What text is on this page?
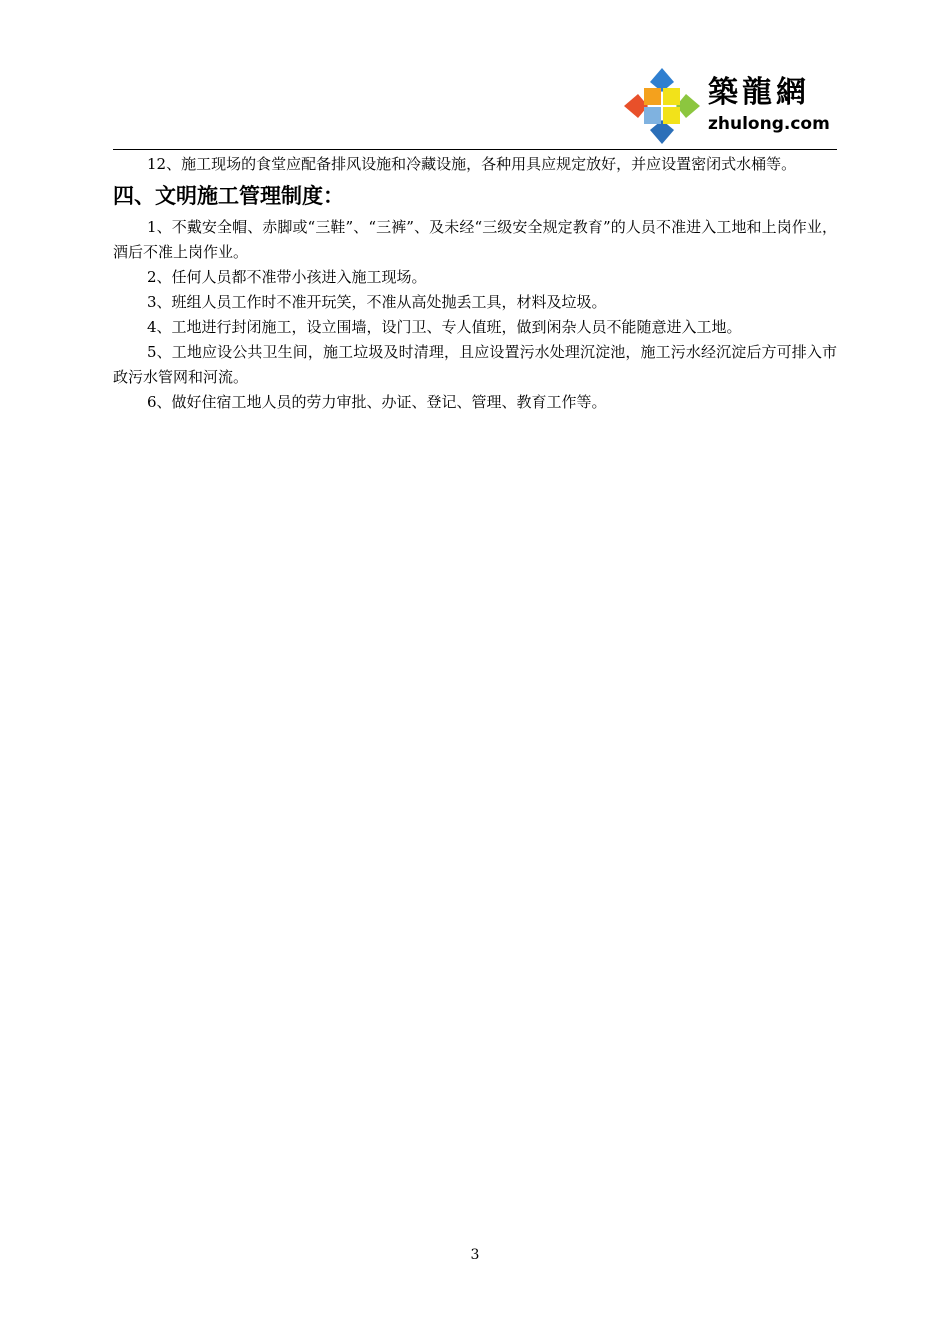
築龍網
zhulong.com

12、施工现场的食堂应配备排风设施和冷藏设施，各种用具应规定放好，并应设置密闭式水桶等。

四、文明施工管理制度：

1、不戴安全帽、赤脚或“三鞋”、“三裤”、及未经“三级安全规定教育”的人员不准进入工地和上岗作业，酒后不准上岗作业。

2、任何人员都不准带小孩进入施工现场。

3、班组人员工作时不准开玩笑，不准从高处抛丢工具，材料及垃圾。

4、工地进行封闭施工，设立围墙，设门卫、专人值班，做到闲杂人员不能随意进入工地。

5、工地应设公共卫生间，施工垃圾及时清理，且应设置污水处理沉淀池，施工污水经沉淀后方可排入市政污水管网和河流。

6、做好住宿工地人员的劳力审批、办证、登记、管理、教育工作等。

3
